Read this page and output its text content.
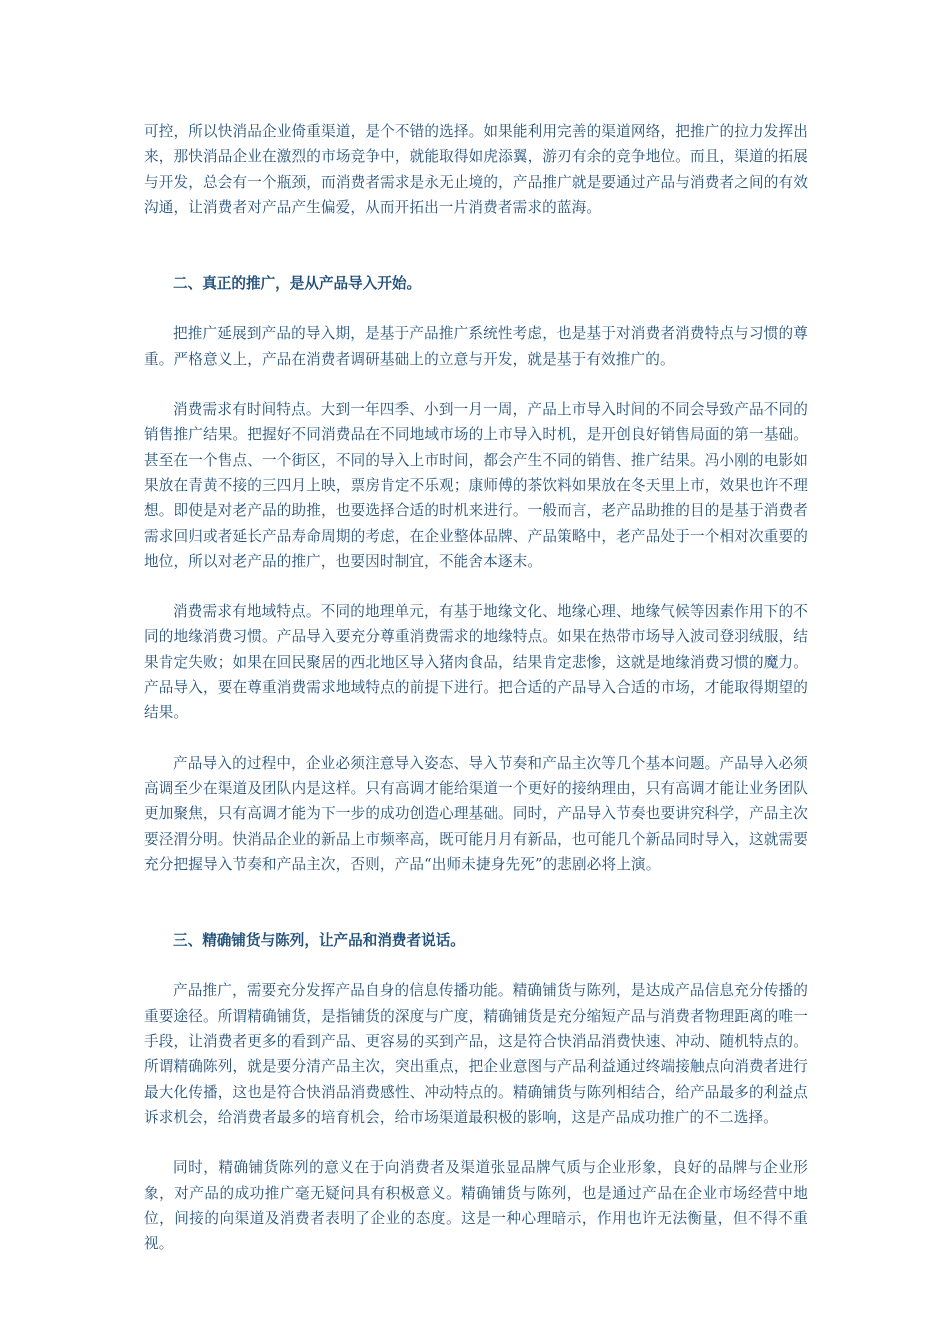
可控，所以快消品企业倚重渠道，是个不错的选择。如果能利用完善的渠道网络，把推广的拉力发挥出来，那快消品企业在激烈的市场竞争中，就能取得如虎添翼，游刃有余的竞争地位。而且，渠道的拓展与开发，总会有一个瓶颈，而消费者需求是永无止境的，产品推广就是要通过产品与消费者之间的有效沟通，让消费者对产品产生偏爱，从而开拓出一片消费者需求的蓝海。

二、真正的推广，是从产品导入开始。

把推广延展到产品的导入期，是基于产品推广系统性考虑，也是基于对消费者消费特点与习惯的尊重。严格意义上，产品在消费者调研基础上的立意与开发，就是基于有效推广的。

消费需求有时间特点。大到一年四季、小到一月一周，产品上市导入时间的不同会导致产品不同的销售推广结果。把握好不同消费品在不同地域市场的上市导入时机，是开创良好销售局面的第一基础。甚至在一个售点、一个街区，不同的导入上市时间，都会产生不同的销售、推广结果。冯小刚的电影如果放在青黄不接的三四月上映，票房肯定不乐观；康师傅的茶饮料如果放在冬天里上市，效果也许不理想。即使是对老产品的助推，也要选择合适的时机来进行。一般而言，老产品助推的目的是基于消费者需求回归或者延长产品寿命周期的考虑，在企业整体品牌、产品策略中，老产品处于一个相对次重要的地位，所以对老产品的推广，也要因时制宜，不能舍本逐末。

消费需求有地域特点。不同的地理单元，有基于地缘文化、地缘心理、地缘气候等因素作用下的不同的地缘消费习惯。产品导入要充分尊重消费需求的地缘特点。如果在热带市场导入波司登羽绒服，结果肯定失败；如果在回民聚居的西北地区导入猪肉食品，结果肯定悲惨，这就是地缘消费习惯的魔力。产品导入，要在尊重消费需求地域特点的前提下进行。把合适的产品导入合适的市场，才能取得期望的结果。

产品导入的过程中，企业必须注意导入姿态、导入节奏和产品主次等几个基本问题。产品导入必须高调至少在渠道及团队内是这样。只有高调才能给渠道一个更好的接纳理由，只有高调才能让业务团队更加聚焦，只有高调才能为下一步的成功创造心理基础。同时，产品导入节奏也要讲究科学，产品主次要泾渭分明。快消品企业的新品上市频率高，既可能月月有新品，也可能几个新品同时导入，这就需要充分把握导入节奏和产品主次，否则，产品“出师未捷身先死”的悲剧必将上演。

三、精确铺货与陈列，让产品和消费者说话。

产品推广，需要充分发挥产品自身的信息传播功能。精确铺货与陈列，是达成产品信息充分传播的重要途径。所谓精确铺货，是指铺货的深度与广度，精确铺货是充分缩短产品与消费者物理距离的唯一手段，让消费者更多的看到产品、更容易的买到产品，这是符合快消品消费快速、冲动、随机特点的。所谓精确陈列，就是要分清产品主次，突出重点，把企业意图与产品利益通过终端接触点向消费者进行最大化传播，这也是符合快消品消费感性、冲动特点的。精确铺货与陈列相结合，给产品最多的利益点诉求机会，给消费者最多的培育机会，给市场渠道最积极的影响，这是产品成功推广的不二选择。

同时，精确铺货陈列的意义在于向消费者及渠道张显品牌气质与企业形象，良好的品牌与企业形象，对产品的成功推广毫无疑问具有积极意义。精确铺货与陈列，也是通过产品在企业市场经营中地位，间接的向渠道及消费者表明了企业的态度。这是一种心理暗示，作用也许无法衡量，但不得不重视。
